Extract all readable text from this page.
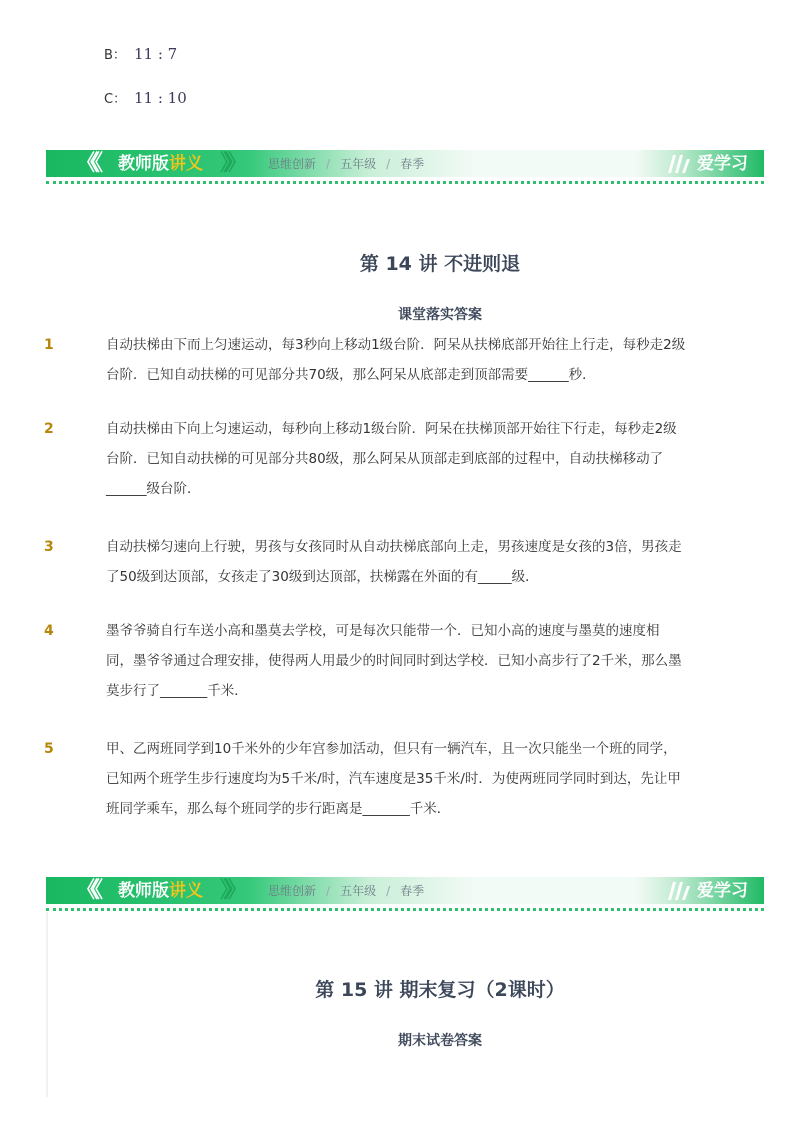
B： 11 : 7
C： 11 : 10
《《 教师版讲义 》》 思维创新 / 五年级 / 春季	爱学习
第 14 讲 不进则退
课堂落实答案
1	自动扶梯由下而上匀速运动，每3秒向上移动1级台阶．阿呆从扶梯底部开始往上行走，每秒走2级
台阶．已知自动扶梯的可见部分共70级，那么阿呆从底部走到顶部需要______秒．
2	自动扶梯由下向上匀速运动，每秒向上移动1级台阶．阿呆在扶梯顶部开始往下行走，每秒走2级
台阶．已知自动扶梯的可见部分共80级，那么阿呆从顶部走到底部的过程中，自动扶梯移动了
______级台阶．
3	自动扶梯匀速向上行驶，男孩与女孩同时从自动扶梯底部向上走，男孩速度是女孩的3倍，男孩走
了50级到达顶部，女孩走了30级到达顶部，扶梯露在外面的有_____级．
4	墨爷爷骑自行车送小高和墨莫去学校，可是每次只能带一个．已知小高的速度与墨莫的速度相
同，墨爷爷通过合理安排，使得两人用最少的时间同时到达学校．已知小高步行了2千米，那么墨
莫步行了_______千米．
5	甲、乙两班同学到10千米外的少年宫参加活动，但只有一辆汽车，且一次只能坐一个班的同学，
已知两个班学生步行速度均为5千米/时，汽车速度是35千米/时．为使两班同学同时到达，先让甲
班同学乘车，那么每个班同学的步行距离是_______千米．
《《 教师版讲义 》》 思维创新 / 五年级 / 春季	爱学习
第 15 讲 期末复习（2课时）
期末试卷答案
